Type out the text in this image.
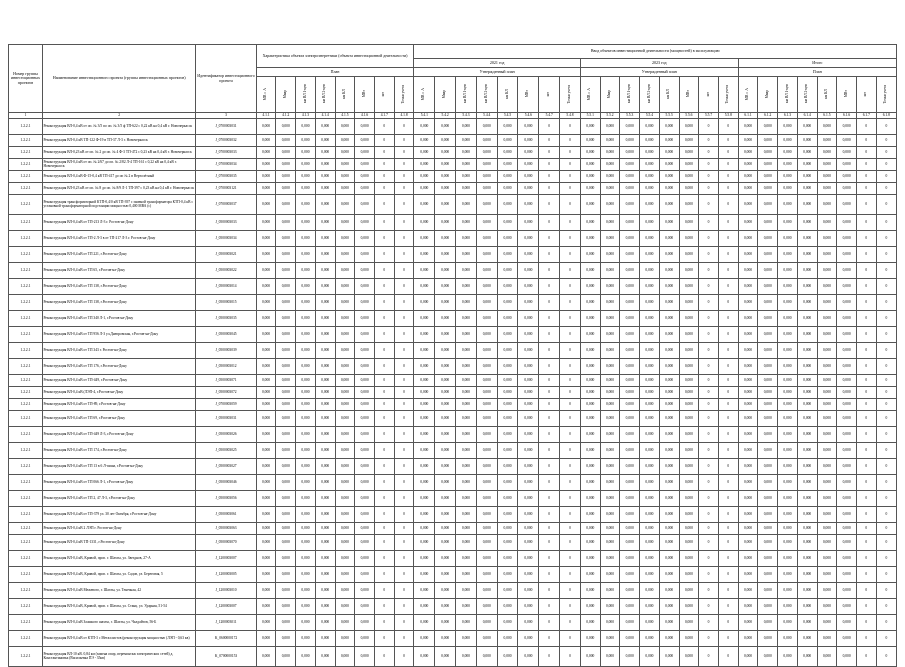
Номер группы инвестиционных проектов	Наименование инвестиционного проекта (группы инвестиционных проектов)	Идентификатор инвестиционного проекта	Характеристика объекта электроэнергетики (объекта инвестиционной деятельности)								Ввод объектов инвестиционной деятельности (мощностей) в эксплуатацию																							
											2021 год								2023 год								Итого							
			План								Утвержденный план								Утвержденный план								План							
			МВ×А	Мвар	км ВЛ 1-цеп	км ВЛ 2-цеп	км КЛ	МВт	шт	Точки учета	МВ×А	Мвар	км ВЛ 1-цеп	км ВЛ 2-цеп	км КЛ	МВт	шт	Точки учета	МВ×А	Мвар	км ВЛ 1-цеп	км ВЛ 2-цеп	км КЛ	МВт	шт	Точки учета	МВ×А	Мвар	км ВЛ 1-цеп	км ВЛ 2-цеп	км КЛ	МВт	шт	Точки учета
1	2	3	4.1.1	4.1.2	4.1.3	4.1.4	4.1.5	4.1.6	4.1.7	4.1.8	5.4.1	5.4.2	5.4.3	5.4.4	5.4.5	5.4.6	5.4.7	5.4.8	5.5.1	5.5.2	5.5.3	5.5.4	5.5.5	5.5.6	5.5.7	5.5.8	6.1.1	6.1.2	6.1.3	6.1.4	6.1.5	6.1.6	6.1.7	6.1.8
1.2.2.1	Реконструкция ВЛ-0,4 кВ от оп. № 3/5 по оп. № 3/5 ф ТП-622 с 0,22 кВ на 0,4 кВ г. Новочеркасск	J_0700003031	0,000	0,000	0,000	0,000	0,000	0,000	0	0	0,000	0,000	0,000	0,000	0,000	0,000	0	0	0,000	0,000	0,000	0,000	0,000	0,000	0	0	0,000	0,000	0,000	0,000	0,000	0,000	0	0
1.2.2.1	Реконструкция ВЛ-0,4 кВ ТП-122 Ф-19 в ТП-37 Л-3 г. Новочеркасск	J_0700003032	0,000	0,000	0,000	0,000	0,000	0,000	0	0	0,000	0,000	0,000	0,000	0,000	0,000	0	0	0,000	0,000	0,000	0,000	0,000	0,000	0	0	0,000	0,000	0,000	0,000	0,000	0,000	0	0
1.2.2.1	Реконструкция ВЛ-0,23 кВ от оп. № 2 до оп. № 4 Ф-3 ТП-472 с 0,23 кВ на 0,4 кВ г. Новочеркасск	J_0700003033	0,000	0,000	0,000	0,000	0,000	0,000	0	0	0,000	0,000	0,000	0,000	0,000	0,000	0	0	0,000	0,000	0,000	0,000	0,000	0,000	0	0	0,000	0,000	0,000	0,000	0,000	0,000	0	0
1.2.2.1	Реконструкция ВЛ-0,4 кВ от оп. № 2/67 до оп. № 2/82 Л-4 ТП-161 с 0,22 кВ на 0,4 кВ г. Новочеркасск	J_0700003034	0,000	0,000	0,000	0,000	0,000	0,000	0	0	0,000	0,000	0,000	0,000	0,000	0,000	0	0	0,000	0,000	0,000	0,000	0,000	0,000	0	0	0,000	0,000	0,000	0,000	0,000	0,000	0	0
1.2.2.1	Реконструкция ВЛ-0,4 кВ Ф-15-0,4 кВ ТП-417 до оп № 2 в Вертолётный	J_0700003035	0,000	0,000	0,000	0,000	0,000	0,000	0	0	0,000	0,000	0,000	0,000	0,000	0,000	0	0	0,000	0,000	0,000	0,000	0,000	0,000	0	0	0,000	0,000	0,000	0,000	0,000	0,000	0	0
1.2.2.1	Реконструкция ВЛ-0,23 кВ от оп. № 8 до оп. № 8/9 Л-1 ТП-397 с 0,23 кВ на 0,4 кВ г. Новочеркасск	J_0700003121	0,000	0,000	0,000	0,000	0,000	0,000	0	0	0,000	0,000	0,000	0,000	0,000	0,000	0	0	0,000	0,000	0,000	0,000	0,000	0,000	0	0	0,000	0,000	0,000	0,000	0,000	0,000	0	0
1.2.2.1	Реконструкция трансформаторной КТП-0,4/0 кВ ТП-397 с заменой трансформатора КТП-0,4 кВ с установкой трансформаторной подстанции мощностью 0,400 МВА (с)	J_0700003037	0,000	0,000	0,000	0,000	0,000	0,000	0	0	0,000	0,000	0,000	0,000	0,000	0,000	0	0	0,000	0,000	0,000	0,000	0,000	0,000	0	0	0,000	0,000	0,000	0,000	0,000	0,000	0	0
1.2.2.1	Реконструкция ВЛ-0,4 кВ от ТП-213 Л-3 г. Ростов-на-Дону	J_0500003033	0,000	0,000	0,000	0,000	0,000	0,000	0	0	0,000	0,000	0,000	0,000	0,000	0,000	0	0	0,000	0,000	0,000	0,000	0,000	0,000	0	0	0,000	0,000	0,000	0,000	0,000	0,000	0	0
1.2.2.1	Реконструкция ВЛ-0,4 кВ от ТП-2 Л-3 в от ТП-217 Л-3 г. Ростов-на-Дону	J_0500003034	0,000	0,000	0,000	0,000	0,000	0,000	0	0	0,000	0,000	0,000	0,000	0,000	0,000	0	0	0,000	0,000	0,000	0,000	0,000	0,000	0	0	0,000	0,000	0,000	0,000	0,000	0,000	0	0
1.2.2.1	Реконструкция ВЛ-0,4 кВ от ТП 221, г.Ростов-на-Дону	J_0500003021	0,000	0,000	0,000	0,000	0,000	0,000	0	0	0,000	0,000	0,000	0,000	0,000	0,000	0	0	0,000	0,000	0,000	0,000	0,000	0,000	0	0	0,000	0,000	0,000	0,000	0,000	0,000	0	0
1.2.2.1	Реконструкция ВЛ-0,4 кВ от ТП 65, г.Ростов-на-Дону	J_0500003022	0,000	0,000	0,000	0,000	0,000	0,000	0	0	0,000	0,000	0,000	0,000	0,000	0,000	0	0	0,000	0,000	0,000	0,000	0,000	0,000	0	0	0,000	0,000	0,000	0,000	0,000	0,000	0	0
1.2.2.1	Реконструкция ВЛ-0,4 кВ от ТП 138, г.Ростов-на-Дону	J_0500003014	0,000	0,000	0,000	0,000	0,000	0,000	0	0	0,000	0,000	0,000	0,000	0,000	0,000	0	0	0,000	0,000	0,000	0,000	0,000	0,000	0	0	0,000	0,000	0,000	0,000	0,000	0,000	0	0
1.2.2.1	Реконструкция ВЛ-0,4 кВ от ТП 138, г.Ростов-на-Дону	J_0500003015	0,000	0,000	0,000	0,000	0,000	0,000	0	0	0,000	0,000	0,000	0,000	0,000	0,000	0	0	0,000	0,000	0,000	0,000	0,000	0,000	0	0	0,000	0,000	0,000	0,000	0,000	0,000	0	0
1.2.2.1	Реконструкция ВЛ-0,4 кВ от ТП 340 Л-1, г.Ростов-на-Дону	J_0500003035	0,000	0,000	0,000	0,000	0,000	0,000	0	0	0,000	0,000	0,000	0,000	0,000	0,000	0	0	0,000	0,000	0,000	0,000	0,000	0,000	0	0	0,000	0,000	0,000	0,000	0,000	0,000	0	0
1.2.2.1	Реконструкция ВЛ-0,4 кВ от ТП 956 Л-3 ул.Днепровская, г.Ростов-на-Дону	J_0500003045	0,000	0,000	0,000	0,000	0,000	0,000	0	0	0,000	0,000	0,000	0,000	0,000	0,000	0	0	0,000	0,000	0,000	0,000	0,000	0,000	0	0	0,000	0,000	0,000	0,000	0,000	0,000	0	0
1.2.2.1	Реконструкция ВЛ-0,4 кВ от ТП 343 г. Ростов-на-Дону	J_0500003039	0,000	0,000	0,000	0,000	0,000	0,000	0	0	0,000	0,000	0,000	0,000	0,000	0,000	0	0	0,000	0,000	0,000	0,000	0,000	0,000	0	0	0,000	0,000	0,000	0,000	0,000	0,000	0	0
1.2.2.1	Реконструкция ВЛ-0,4 кВ от ТП 176, г.Ростов-на-Дону	J_0500003012	0,000	0,000	0,000	0,000	0,000	0,000	0	0	0,000	0,000	0,000	0,000	0,000	0,000	0	0	0,000	0,000	0,000	0,000	0,000	0,000	0	0	0,000	0,000	0,000	0,000	0,000	0,000	0	0
1.2.2.1	Реконструкция ВЛ-0,4 кВ от ТП-449, г.Ростов-на-Дону	J_0500003071	0,000	0,000	0,000	0,000	0,000	0,000	0	0	0,000	0,000	0,000	0,000	0,000	0,000	0	0	0,000	0,000	0,000	0,000	0,000	0,000	0	0	0,000	0,000	0,000	0,000	0,000	0,000	0	0
1.2.2.1	Реконструкция ВЛ-0,4 кВ (ЛЭП-4, г.Ростов-на-Дону	J_0500003072	0,000	0,000	0,000	0,000	0,000	0,000	0	0	0,000	0,000	0,000	0,000	0,000	0,000	0	0	0,000	0,000	0,000	0,000	0,000	0,000	0	0	0,000	0,000	0,000	0,000	0,000	0,000	0	0
1.2.2.1	Реконструкция ВЛ-0,4 кВ от ТП-89, г.Ростов-на-Дону	J_0700003059	0,000	0,000	0,000	0,000	0,000	0,000	0	0	0,000	0,000	0,000	0,000	0,000	0,000	0	0	0,000	0,000	0,000	0,000	0,000	0,000	0	0	0,000	0,000	0,000	0,000	0,000	0,000	0	0
1.2.2.1	Реконструкция ВЛ-0,4 кВ от ТП 69, г.Ростов-на-Дону	J_0500003031	0,000	0,000	0,000	0,000	0,000	0,000	0	0	0,000	0,000	0,000	0,000	0,000	0,000	0	0	0,000	0,000	0,000	0,000	0,000	0,000	0	0	0,000	0,000	0,000	0,000	0,000	0,000	0	0
1.2.2.1	Реконструкция ВЛ-0,4 кВ от ТП-449 Л-3, г.Ростов-на-Дону	J_0500003026	0,000	0,000	0,000	0,000	0,000	0,000	0	0	0,000	0,000	0,000	0,000	0,000	0,000	0	0	0,000	0,000	0,000	0,000	0,000	0,000	0	0	0,000	0,000	0,000	0,000	0,000	0,000	0	0
1.2.2.1	Реконструкция ВЛ-0,4 кВ от ТП 174, г.Ростов-на-Дону	J_0500003025	0,000	0,000	0,000	0,000	0,000	0,000	0	0	0,000	0,000	0,000	0,000	0,000	0,000	0	0	0,000	0,000	0,000	0,000	0,000	0,000	0	0	0,000	0,000	0,000	0,000	0,000	0,000	0	0
1.2.2.1	Реконструкция ВЛ-0,4 кВ от ТП 13 в 6 Л-пиша, г.Ростов-на-Дону	J_0500003027	0,000	0,000	0,000	0,000	0,000	0,000	0	0	0,000	0,000	0,000	0,000	0,000	0,000	0	0	0,000	0,000	0,000	0,000	0,000	0,000	0	0	0,000	0,000	0,000	0,000	0,000	0,000	0	0
1.2.2.1	Реконструкция ВЛ-0,4 кВ от ТП 066 Л-1, г.Ростов-на-Дону	J_0500003046	0,000	0,000	0,000	0,000	0,000	0,000	0	0	0,000	0,000	0,000	0,000	0,000	0,000	0	0	0,000	0,000	0,000	0,000	0,000	0,000	0	0	0,000	0,000	0,000	0,000	0,000	0,000	0	0
1.2.2.1	Реконструкция ВЛ-0,4 кВ от ТП 2, 47 Л-3, г.Ростов-на-Дону	J_0500003056	0,000	0,000	0,000	0,000	0,000	0,000	0	0	0,000	0,000	0,000	0,000	0,000	0,000	0	0	0,000	0,000	0,000	0,000	0,000	0,000	0	0	0,000	0,000	0,000	0,000	0,000	0,000	0	0
1.2.2.1	Реконструкция ВЛ-0,4 кВ от ТП-379 ул. 30 лет Октября, г.Ростов-на-Дону	J_0500003061	0,000	0,000	0,000	0,000	0,000	0,000	0	0	0,000	0,000	0,000	0,000	0,000	0,000	0	0	0,000	0,000	0,000	0,000	0,000	0,000	0	0	0,000	0,000	0,000	0,000	0,000	0,000	0	0
1.2.2.1	Реконструкция ВЛ-0,4 кВ 2 ЛЭП г. Ростов-на-Дону	J_0500003063	0,000	0,000	0,000	0,000	0,000	0,000	0	0	0,000	0,000	0,000	0,000	0,000	0,000	0	0	0,000	0,000	0,000	0,000	0,000	0,000	0	0	0,000	0,000	0,000	0,000	0,000	0,000	0	0
1.2.2.1	Реконструкция ВЛ-0,4 кВ ТП-1331, г.Ростов-на-Дону	J_0500003070	0,000	0,000	0,000	0,000	0,000	0,000	0	0	0,000	0,000	0,000	0,000	0,000	0,000	0	0	0,000	0,000	0,000	0,000	0,000	0,000	0	0	0,000	0,000	0,000	0,000	0,000	0,000	0	0
1.2.2.1	Реконструкция ВЛ-0,4 кВ, Кривой, проп. г. Шахты, ул. Звезднов, 27-А	J_1200003007	0,000	0,000	0,000	0,000	0,000	0,000	0	0	0,000	0,000	0,000	0,000	0,000	0,000	0	0	0,000	0,000	0,000	0,000	0,000	0,000	0	0	0,000	0,000	0,000	0,000	0,000	0,000	0	0
1.2.2.1	Реконструкция ВЛ-0,4 кВ, Кривой, проп. г. Шахты, ул. Садов, ул. Береговая, 5	J_1200003005	0,000	0,000	0,000	0,000	0,000	0,000	0	0	0,000	0,000	0,000	0,000	0,000	0,000	0	0	0,000	0,000	0,000	0,000	0,000	0,000	0	0	0,000	0,000	0,000	0,000	0,000	0,000	0	0
1.2.2.1	Реконструкция ВЛ-0,4 кВ Межевого, г. Шахты, ул. Тенечная, 42	J_1200003010	0,000	0,000	0,000	0,000	0,000	0,000	0	0	0,000	0,000	0,000	0,000	0,000	0,000	0	0	0,000	0,000	0,000	0,000	0,000	0,000	0	0	0,000	0,000	0,000	0,000	0,000	0,000	0	0
1.2.2.1	Реконструкция ВЛ-0,4 кВ, Кривой, проп. г. Шахты, ул. Станц. ул. Ударная, 51-54	J_1200003007	0,000	0,000	0,000	0,000	0,000	0,000	0	0	0,000	0,000	0,000	0,000	0,000	0,000	0	0	0,000	0,000	0,000	0,000	0,000	0,000	0	0	0,000	0,000	0,000	0,000	0,000	0,000	0	0
1.2.2.1	Реконструкция ВЛ-0,4 кВ Злашкого шахты, г. Шахты, ул. Чалдайтов, 56-Б	J_1200003011	0,000	0,000	0,000	0,000	0,000	0,000	0	0	0,000	0,000	0,000	0,000	0,000	0,000	0	0	0,000	0,000	0,000	0,000	0,000	0,000	0	0	0,000	0,000	0,000	0,000	0,000	0,000	0	0
1.2.2.1	Реконструкция ВЛ-0,4 кВ от КТП-3 с Металлистов (реконструкция мощностью (ЛЭП - 0,63 кв)	K_0600000172	0,000	0,000	0,000	0,000	0,000	0,000	0	0	0,000	0,000	0,000	0,000	0,000	0,000	0	0	0,000	0,000	0,000	0,000	0,000	0,000	0	0	0,000	0,000	0,000	0,000	0,000	0,000	0	0
1.2.2.1	Реконструкция ВЛ-10 кВ. 0,84 км (замена опор, перемонтаж электрических сетей) д. Константиновка (Васильевка ПЭ - 35кв)	K_0700000153	0,000	0,000	0,000	0,000	0,000	0,000	0	0	0,000	0,000	0,000	0,000	0,000	0,000	0	0	0,000	0,000	0,000	0,000	0,000	0,000	0	0	0,000	0,000	0,000	0,000	0,000	0,000	0	0
